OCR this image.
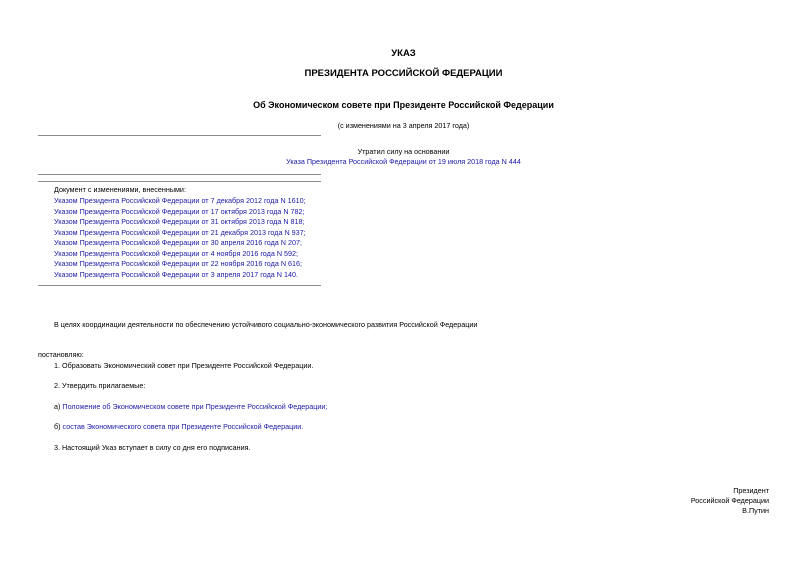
УКАЗ
ПРЕЗИДЕНТА РОССИЙСКОЙ ФЕДЕРАЦИИ
Об Экономическом совете при Президенте Российской Федерации
(с изменениями на 3 апреля 2017 года)
Утратил силу на основании
Указа Президента Российской Федерации от 19 июля 2018 года N 444
Документ с изменениями, внесенными:
Указом Президента Российской Федерации от 7 декабря 2012 года N 1610;
Указом Президента Российской Федерации от 17 октября 2013 года N 782;
Указом Президента Российской Федерации от 31 октября 2013 года N 818;
Указом Президента Российской Федерации от 21 декабря 2013 года N 937;
Указом Президента Российской Федерации от 30 апреля 2016 года N 207;
Указом Президента Российской Федерации от 4 ноября 2016 года N 592;
Указом Президента Российской Федерации от 22 ноября 2016 года N 616;
Указом Президента Российской Федерации от 3 апреля 2017 года N 140.
В целях координации деятельности по обеспечению устойчивого социально-экономического развития Российской Федерации
постановляю:
1. Образовать Экономический совет при Президенте Российской Федерации.
2. Утвердить прилагаемые:
а) Положение об Экономическом совете при Президенте Российской Федерации;
б) состав Экономического совета при Президенте Российской Федерации.
3. Настоящий Указ вступает в силу со дня его подписания.
Президент
Российской Федерации
В.Путин
